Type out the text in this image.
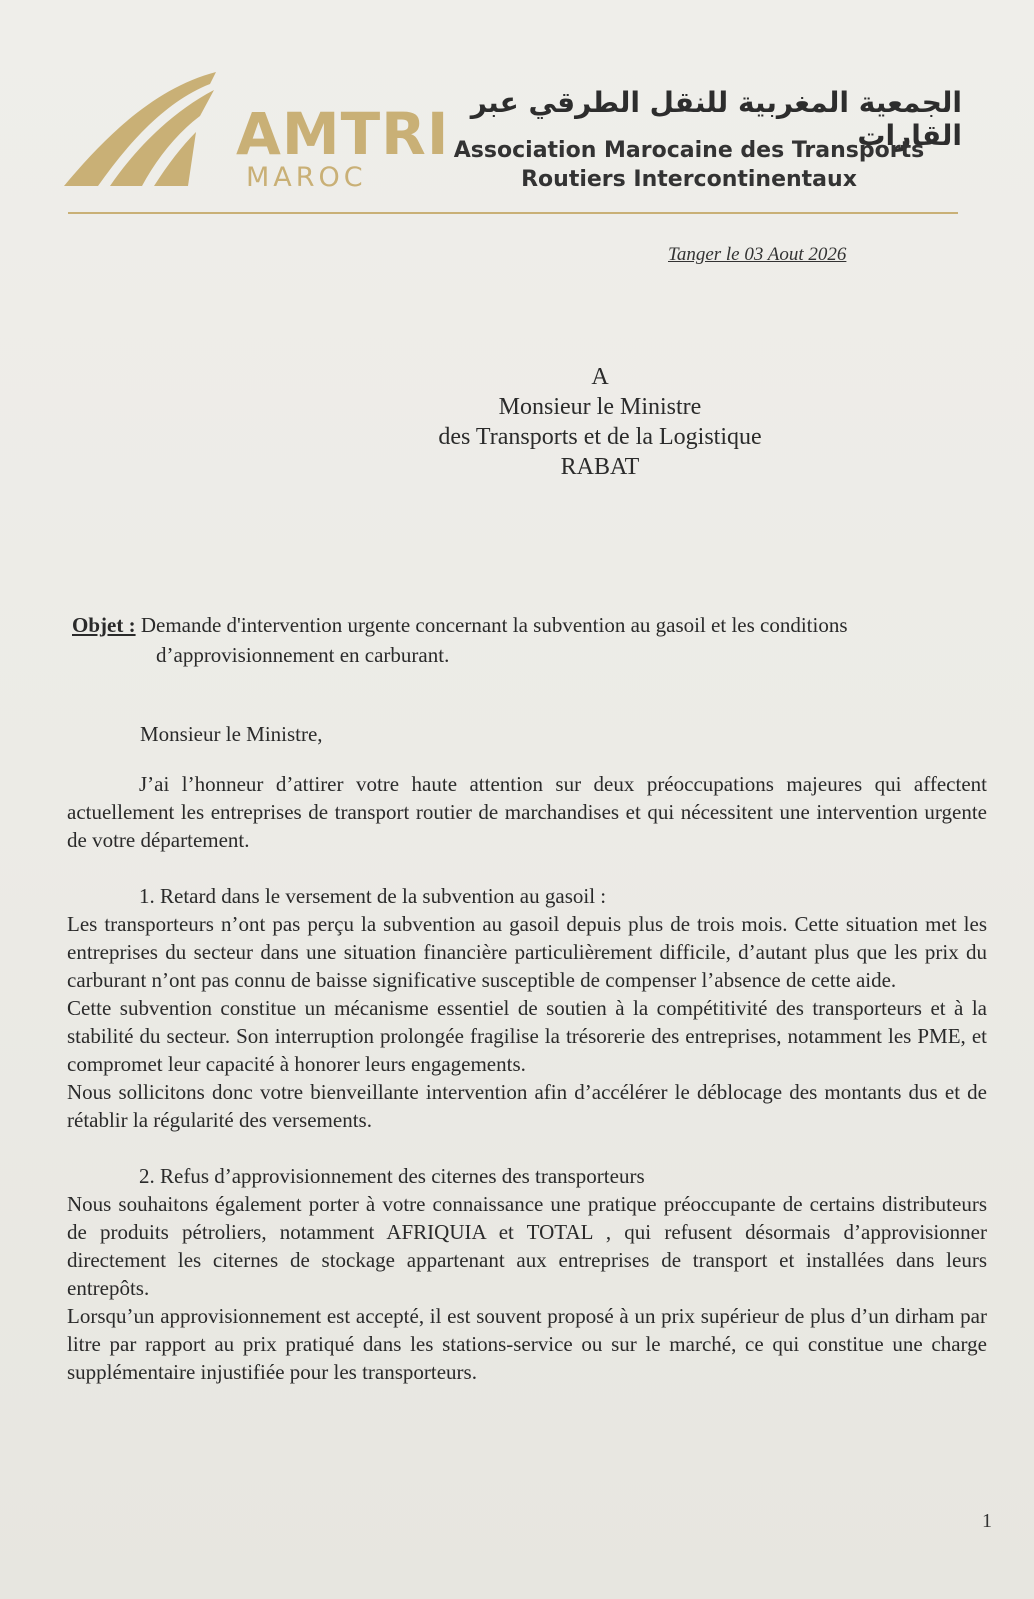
AMTRI
MAROC
الجمعية المغربية للنقل الطرقي عبر القارات
Association Marocaine des Transports
Routiers Intercontinentaux
Tanger le 03 Aout 2026
A
Monsieur le Ministre
des Transports et de la Logistique
RABAT
Objet : Demande d'intervention urgente concernant la subvention au gasoil et les conditions
d’approvisionnement en carburant.
Monsieur le Ministre,

J’ai l’honneur d’attirer votre haute attention sur deux préoccupations majeures qui affectent actuellement les entreprises de transport routier de marchandises et qui nécessitent une intervention urgente de votre département.

1. Retard dans le versement de la subvention au gasoil :

Les transporteurs n’ont pas perçu la subvention au gasoil depuis plus de trois mois. Cette situation met les entreprises du secteur dans une situation financière particulièrement difficile, d’autant plus que les prix du carburant n’ont pas connu de baisse significative susceptible de compenser l’absence de cette aide.

Cette subvention constitue un mécanisme essentiel de soutien à la compétitivité des transporteurs et à la stabilité du secteur. Son interruption prolongée fragilise la trésorerie des entreprises, notamment les PME, et compromet leur capacité à honorer leurs engagements.

Nous sollicitons donc votre bienveillante intervention afin d’accélérer le déblocage des montants dus et de rétablir la régularité des versements.

2. Refus d’approvisionnement des citernes des transporteurs

Nous souhaitons également porter à votre connaissance une pratique préoccupante de certains distributeurs de produits pétroliers, notamment AFRIQUIA et TOTAL , qui refusent désormais d’approvisionner directement les citernes de stockage appartenant aux entreprises de transport et installées dans leurs entrepôts.

Lorsqu’un approvisionnement est accepté, il est souvent proposé à un prix supérieur de plus d’un dirham par litre par rapport au prix pratiqué dans les stations-service ou sur le marché, ce qui constitue une charge supplémentaire injustifiée pour les transporteurs.

1
